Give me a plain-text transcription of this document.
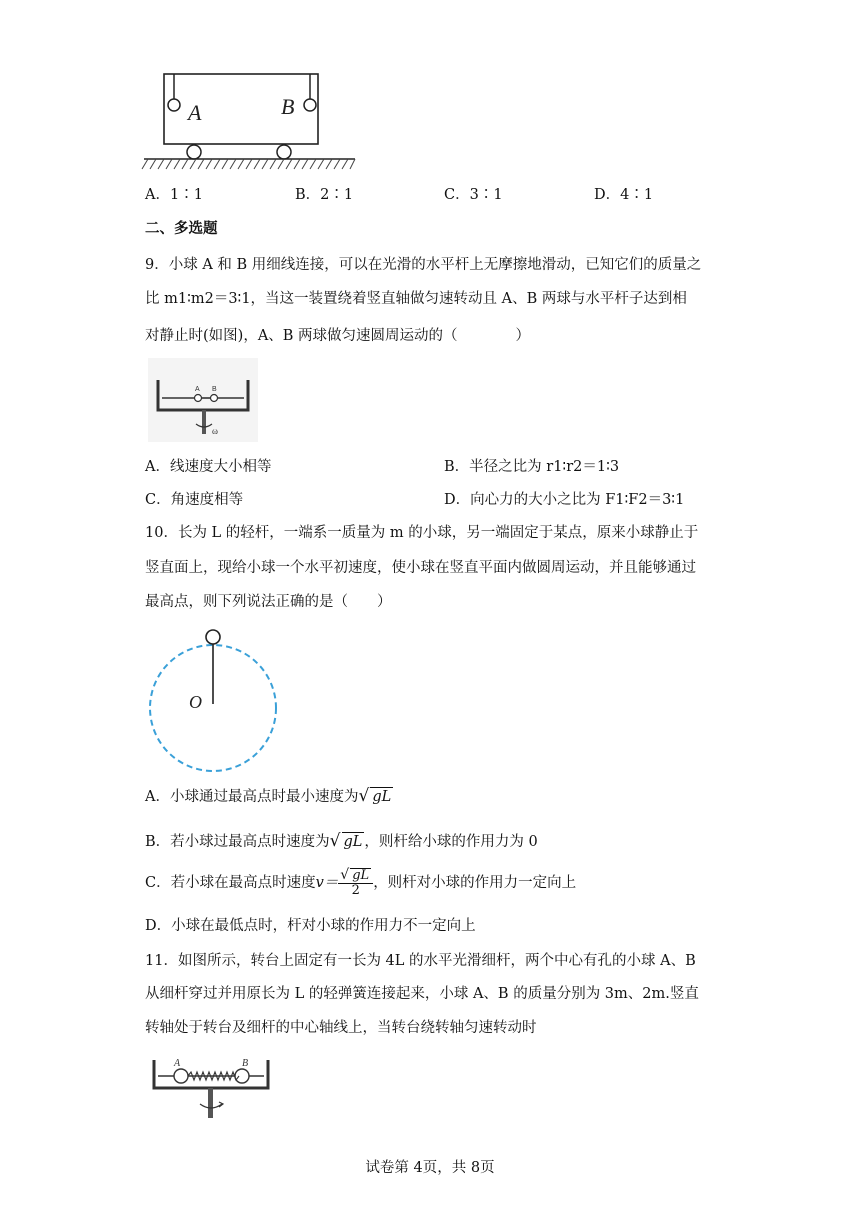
A	B
A．1∶1	B．2∶1	C．3∶1	D．4∶1
二、多选题
9．小球 A 和 B 用细线连接，可以在光滑的水平杆上无摩擦地滑动，已知它们的质量之
比 m1∶m2＝3∶1，当这一装置绕着竖直轴做匀速转动且 A、B 两球与水平杆子达到相
对静止时(如图)，A、B 两球做匀速圆周运动的（　　　　）
A B
ω
A．线速度大小相等	B．半径之比为 r1∶r2＝1∶3
C．角速度相等	D．向心力的大小之比为 F1∶F2＝3∶1
10．长为 L 的轻杆，一端系一质量为 m 的小球，另一端固定于某点，原来小球静止于
竖直面上，现给小球一个水平初速度，使小球在竖直平面内做圆周运动，并且能够通过
最高点，则下列说法正确的是（　　）
O
A．小球通过最高点时最小速度为√ gL
B．若小球过最高点时速度为√ gL ，则杆给小球的作用力为 0
C．若小球在最高点时速度$v= \frac{√ gL}{2}$ ，则杆对小球的作用力一定向上
D．小球在最低点时，杆对小球的作用力不一定向上
11．如图所示，转台上固定有一长为 4L 的水平光滑细杆，两个中心有孔的小球 A、B
从细杆穿过并用原长为 L 的轻弹簧连接起来，小球 A、B 的质量分别为 3m、2m.竖直
转轴处于转台及细杆的中心轴线上，当转台绕转轴匀速转动时
A	B
试卷第 4页，共 8页
